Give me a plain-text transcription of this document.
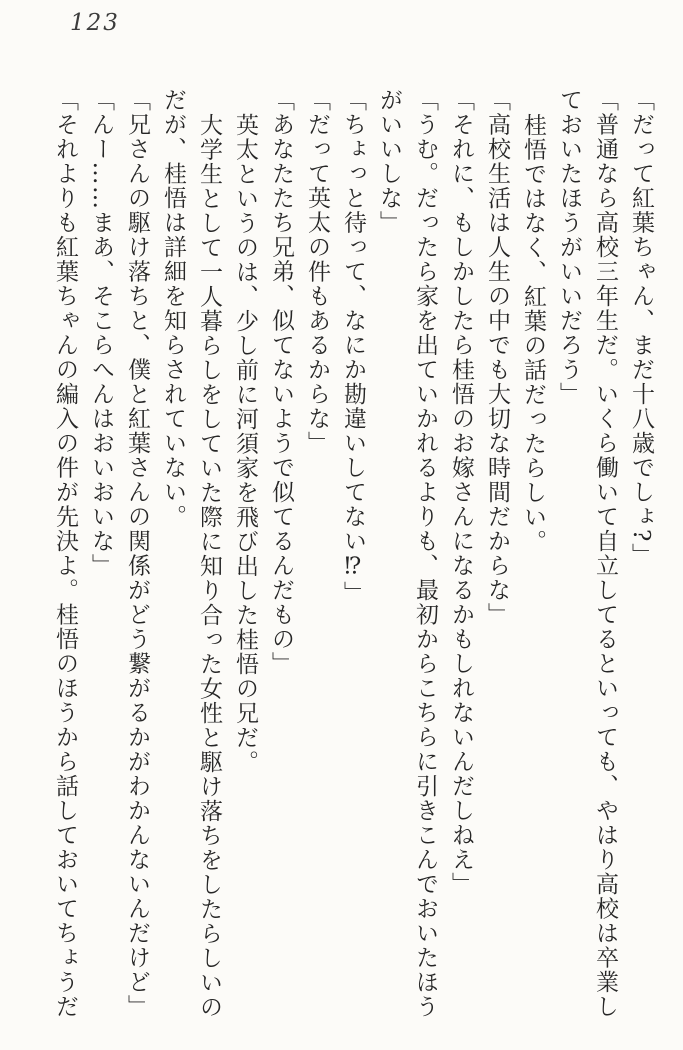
123
「だって紅葉ちゃん、まだ十八歳でしょ?」
「普通なら高校三年生だ。いくら働いて自立してるといっても、やはり高校は卒業し
ておいたほうがいいだろう」
桂悟ではなく、紅葉の話だったらしい。
「高校生活は人生の中でも大切な時間だからな」
「それに、もしかしたら桂悟のお嫁さんになるかもしれないんだしねえ」
「うむ。だったら家を出ていかれるよりも、最初からこちらに引きこんでおいたほう
がいいしな」
「ちょっと待って、なにか勘違いしてない⁉」
「だって英太の件もあるからな」
「あなたたち兄弟、似てないようで似てるんだもの」
英太というのは、少し前に河須家を飛び出した桂悟の兄だ。
大学生として一人暮らしをしていた際に知り合った女性と駆け落ちをしたらしいの
だが、桂悟は詳細を知らされていない。
「兄さんの駆け落ちと、僕と紅葉さんの関係がどう繋がるかがわかんないんだけど」
「んー……まあ、そこらへんはおいおいな」
「それよりも紅葉ちゃんの編入の件が先決よ。桂悟のほうから話しておいてちょうだ
